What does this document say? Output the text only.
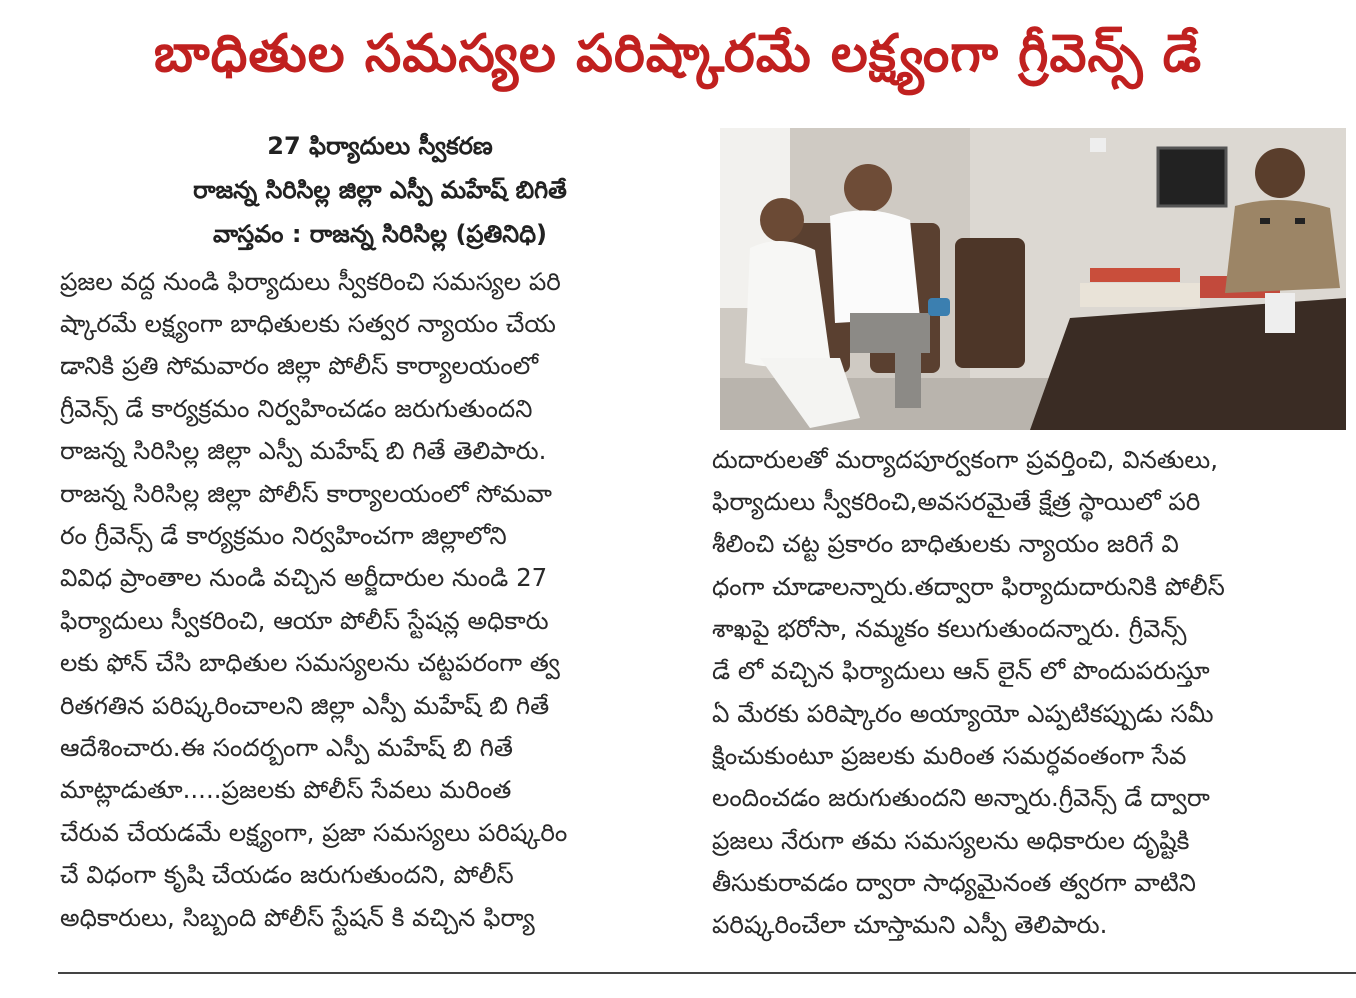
బాధితుల సమస్యల పరిష్కారమే లక్ష్యంగా గ్రీవెన్స్ డే
27 ఫిర్యాదులు స్వీకరణ
రాజన్న సిరిసిల్ల జిల్లా ఎస్పీ మహేష్ బిగితే
వాస్తవం : రాజన్న సిరిసిల్ల (ప్రతినిధి)
ప్రజల వద్ద నుండి ఫిర్యాదులు స్వీకరించి సమస్యల పరి
ష్కారమే లక్ష్యంగా బాధితులకు సత్వర న్యాయం చేయ
డానికి ప్రతి సోమవారం జిల్లా పోలీస్ కార్యాలయంలో
గ్రీవెన్స్ డే కార్యక్రమం నిర్వహించడం జరుగుతుందని
రాజన్న సిరిసిల్ల జిల్లా ఎస్పీ మహేష్ బి గితే తెలిపారు.
రాజన్న సిరిసిల్ల జిల్లా పోలీస్ కార్యాలయంలో సోమవా
రం గ్రీవెన్స్ డే కార్యక్రమం నిర్వహించగా జిల్లాలోని
వివిధ ప్రాంతాల నుండి వచ్చిన అర్జీదారుల నుండి 27
ఫిర్యాదులు స్వీకరించి, ఆయా పోలీస్ స్టేషన్ల అధికారు
లకు ఫోన్ చేసి బాధితుల సమస్యలను చట్టపరంగా త్వ
రితగతిన పరిష్కరించాలని జిల్లా ఎస్పీ మహేష్ బి గితే
ఆదేశించారు.ఈ సందర్బంగా ఎస్పీ మహేష్ బి గితే
మాట్లాడుతూ.....ప్రజలకు పోలీస్ సేవలు మరింత
చేరువ చేయడమే లక్ష్యంగా, ప్రజా సమస్యలు పరిష్కరిం
చే విధంగా కృషి చేయడం జరుగుతుందని, పోలీస్
అధికారులు, సిబ్బంది పోలీస్ స్టేషన్ కి వచ్చిన ఫిర్యా
దుదారులతో మర్యాదపూర్వకంగా ప్రవర్తించి, వినతులు,
ఫిర్యాదులు స్వీకరించి,అవసరమైతే క్షేత్ర స్థాయిలో పరి
శీలించి చట్ట ప్రకారం బాధితులకు న్యాయం జరిగే వి
ధంగా చూడాలన్నారు.తద్వారా ఫిర్యాదుదారునికి పోలీస్
శాఖపై భరోసా, నమ్మకం కలుగుతుందన్నారు. గ్రీవెన్స్
డే లో వచ్చిన ఫిర్యాదులు ఆన్ లైన్ లో పొందుపరుస్తూ
ఏ మేరకు పరిష్కారం అయ్యాయో ఎప్పటికప్పుడు సమీ
క్షించుకుంటూ ప్రజలకు మరింత సమర్ధవంతంగా సేవ
లందించడం జరుగుతుందని అన్నారు.గ్రీవెన్స్ డే ద్వారా
ప్రజలు నేరుగా తమ సమస్యలను అధికారుల దృష్టికి
తీసుకురావడం ద్వారా సాధ్యమైనంత త్వరగా వాటిని
పరిష్కరించేలా చూస్తామని ఎస్పీ తెలిపారు.
